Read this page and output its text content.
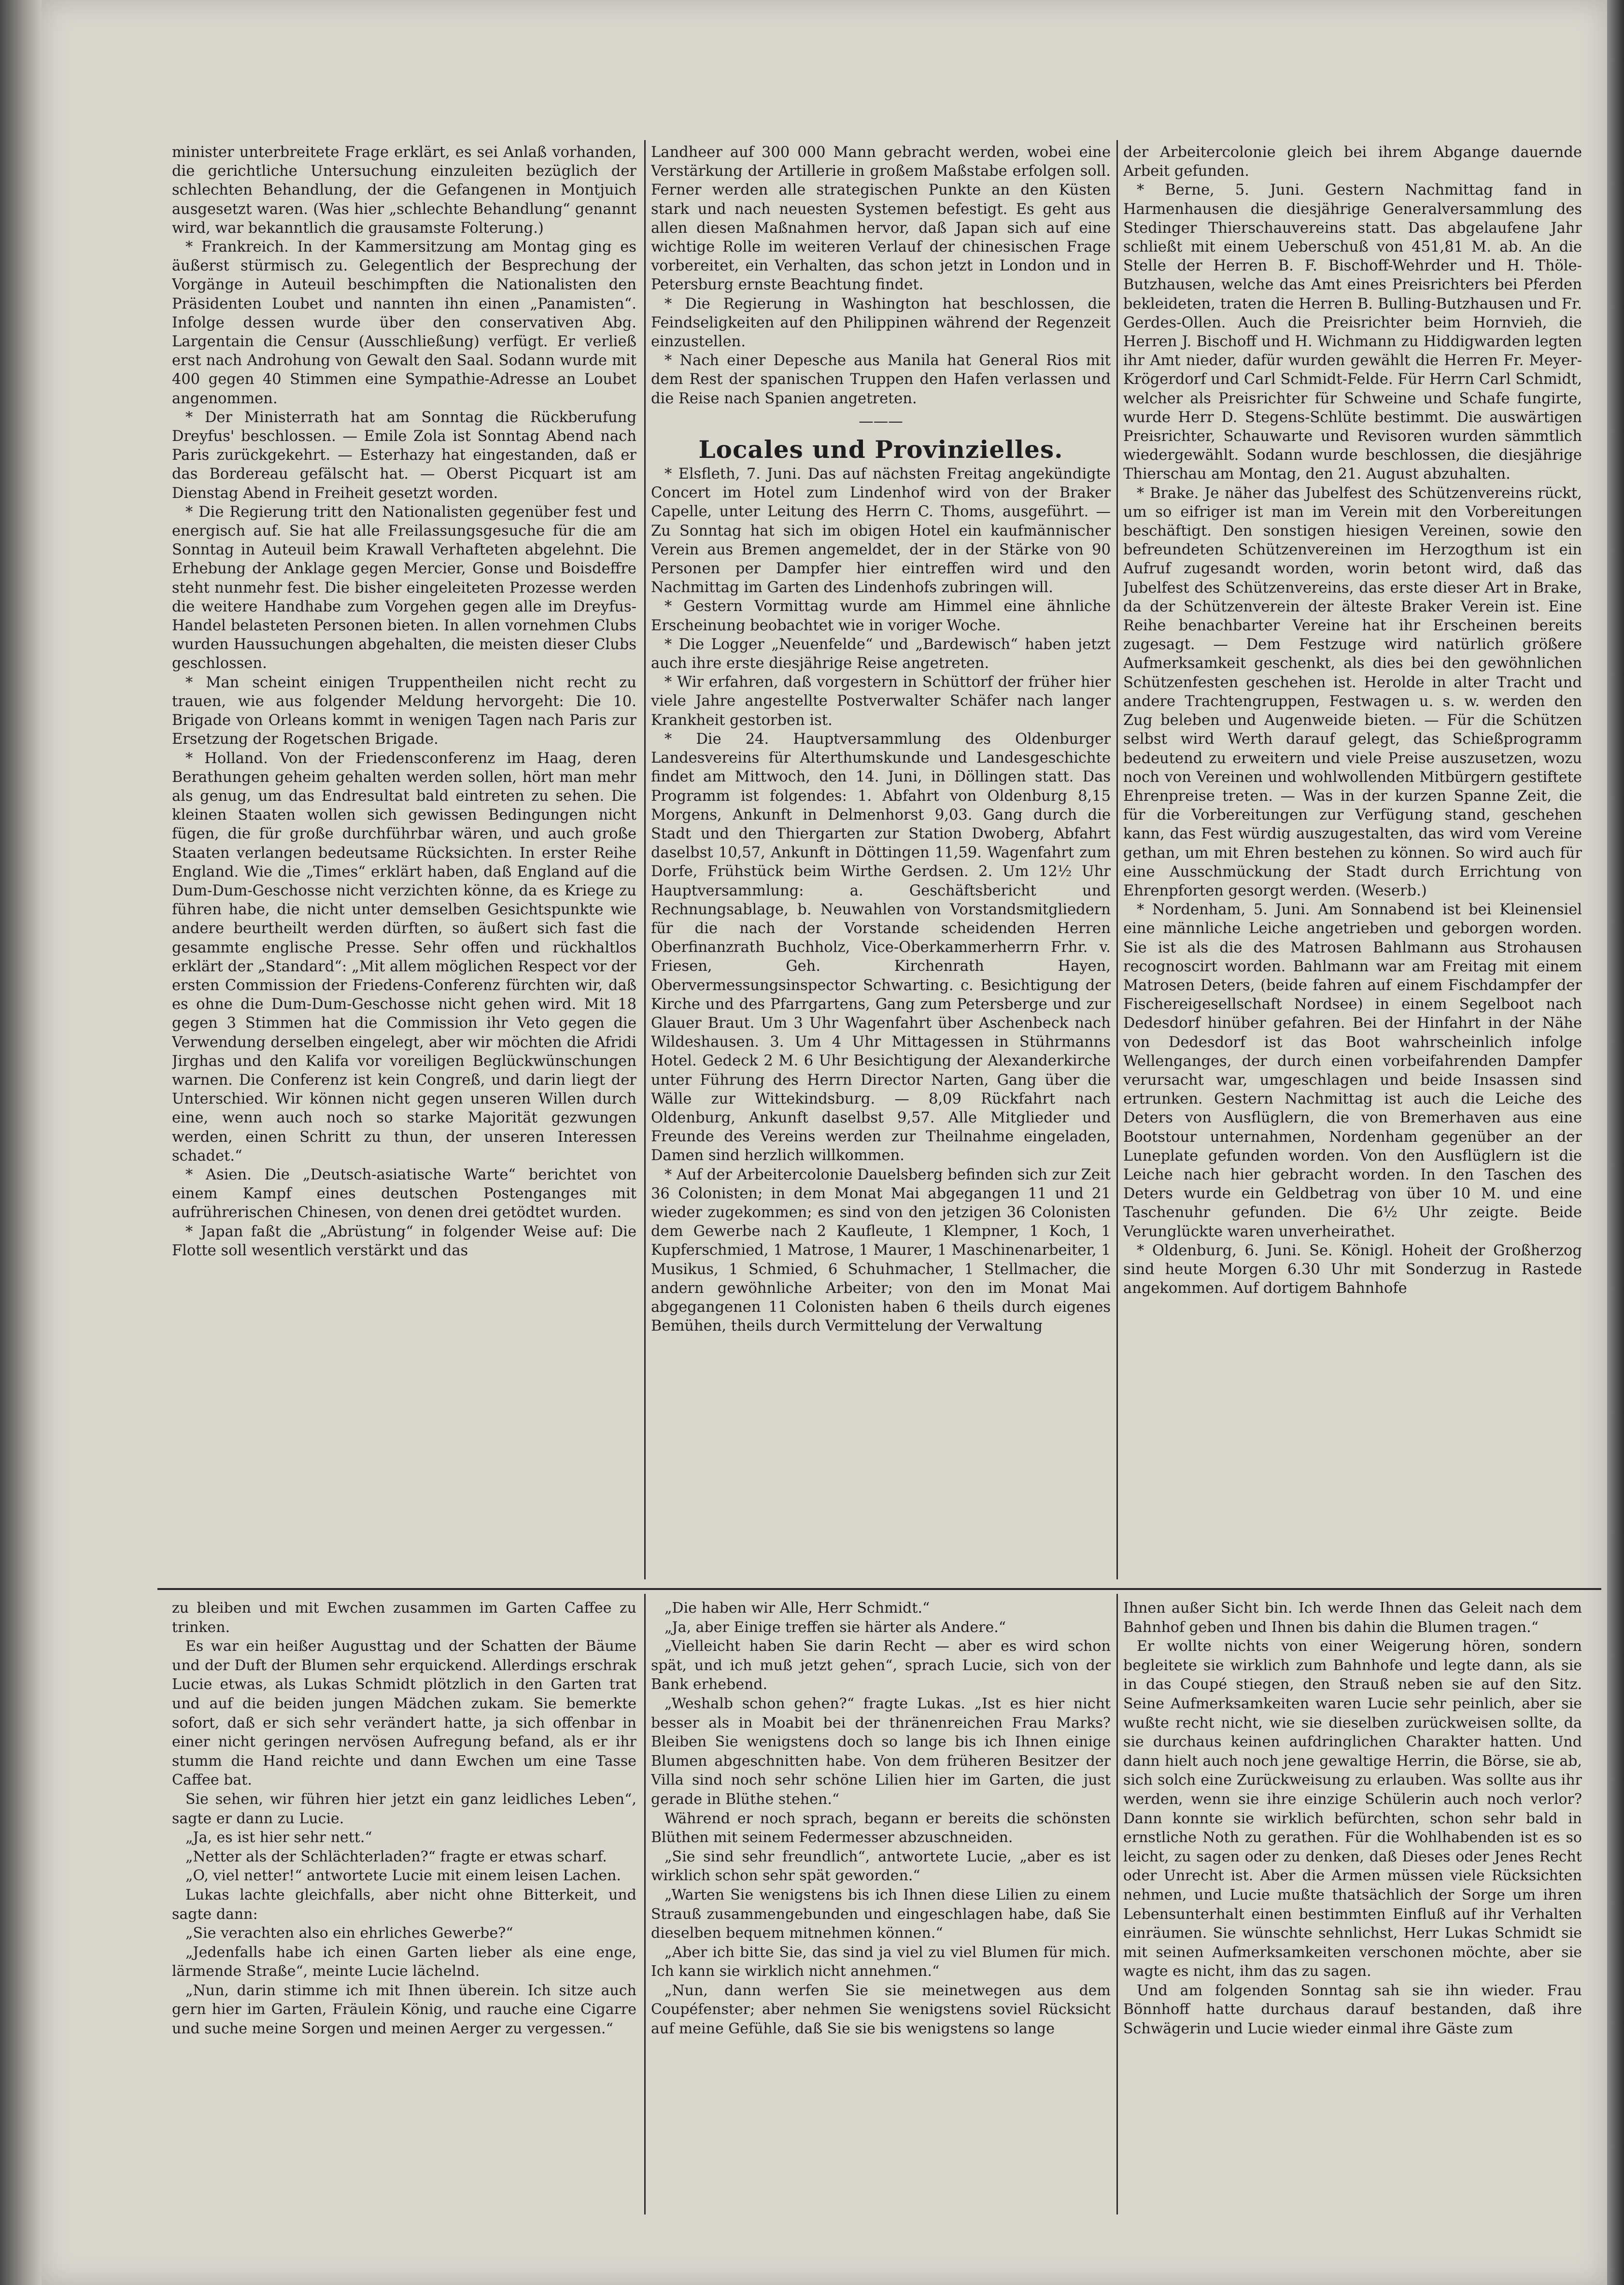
minister unterbreitete Frage erklärt, es sei Anlaß vorhanden, die gerichtliche Untersuchung einzuleiten bezüglich der schlechten Behandlung, der die Gefangenen in Montjuich ausgesetzt waren. (Was hier „schlechte Behandlung“ genannt wird, war bekanntlich die grausamste Folterung.)

* Frankreich. In der Kammersitzung am Montag ging es äußerst stürmisch zu. Gelegentlich der Besprechung der Vorgänge in Auteuil beschimpften die Nationalisten den Präsidenten Loubet und nannten ihn einen „Panamisten“. Infolge dessen wurde über den conservativen Abg. Largentain die Censur (Ausschließung) verfügt. Er verließ erst nach Androhung von Gewalt den Saal. Sodann wurde mit 400 gegen 40 Stimmen eine Sympathie-Adresse an Loubet angenommen.

* Der Ministerrath hat am Sonntag die Rückberufung Dreyfus' beschlossen. — Emile Zola ist Sonntag Abend nach Paris zurückgekehrt. — Esterhazy hat eingestanden, daß er das Bordereau gefälscht hat. — Oberst Picquart ist am Dienstag Abend in Freiheit gesetzt worden.

* Die Regierung tritt den Nationalisten gegenüber fest und energisch auf. Sie hat alle Freilassungsgesuche für die am Sonntag in Auteuil beim Krawall Verhafteten abgelehnt. Die Erhebung der Anklage gegen Mercier, Gonse und Boisdeffre steht nunmehr fest. Die bisher eingeleiteten Prozesse werden die weitere Handhabe zum Vorgehen gegen alle im Dreyfus-Handel belasteten Personen bieten. In allen vornehmen Clubs wurden Haussuchungen abgehalten, die meisten dieser Clubs geschlossen.

* Man scheint einigen Truppentheilen nicht recht zu trauen, wie aus folgender Meldung hervorgeht: Die 10. Brigade von Orleans kommt in wenigen Tagen nach Paris zur Ersetzung der Rogetschen Brigade.

* Holland. Von der Friedensconferenz im Haag, deren Berathungen geheim gehalten werden sollen, hört man mehr als genug, um das Endresultat bald eintreten zu sehen. Die kleinen Staaten wollen sich gewissen Bedingungen nicht fügen, die für große durchführbar wären, und auch große Staaten verlangen bedeutsame Rücksichten. In erster Reihe England. Wie die „Times“ erklärt haben, daß England auf die Dum-Dum-Geschosse nicht verzichten könne, da es Kriege zu führen habe, die nicht unter demselben Gesichtspunkte wie andere beurtheilt werden dürften, so äußert sich fast die gesammte englische Presse. Sehr offen und rückhaltlos erklärt der „Standard“: „Mit allem möglichen Respect vor der ersten Commission der Friedens-Conferenz fürchten wir, daß es ohne die Dum-Dum-Geschosse nicht gehen wird. Mit 18 gegen 3 Stimmen hat die Commission ihr Veto gegen die Verwendung derselben eingelegt, aber wir möchten die Afridi Jirghas und den Kalifa vor voreiligen Beglückwünschungen warnen. Die Conferenz ist kein Congreß, und darin liegt der Unterschied. Wir können nicht gegen unseren Willen durch eine, wenn auch noch so starke Majorität gezwungen werden, einen Schritt zu thun, der unseren Interessen schadet.“

* Asien. Die „Deutsch-asiatische Warte“ berichtet von einem Kampf eines deutschen Postenganges mit aufrührerischen Chinesen, von denen drei getödtet wurden.

* Japan faßt die „Abrüstung“ in folgender Weise auf: Die Flotte soll wesentlich verstärkt und das

Landheer auf 300 000 Mann gebracht werden, wobei eine Verstärkung der Artillerie in großem Maßstabe erfolgen soll. Ferner werden alle strategischen Punkte an den Küsten stark und nach neuesten Systemen befestigt. Es geht aus allen diesen Maßnahmen hervor, daß Japan sich auf eine wichtige Rolle im weiteren Verlauf der chinesischen Frage vorbereitet, ein Verhalten, das schon jetzt in London und in Petersburg ernste Beachtung findet.

* Die Regierung in Washington hat beschlossen, die Feindseligkeiten auf den Philippinen während der Regenzeit einzustellen.

* Nach einer Depesche aus Manila hat General Rios mit dem Rest der spanischen Truppen den Hafen verlassen und die Reise nach Spanien angetreten.

———

Locales und Provinzielles.

* Elsfleth, 7. Juni. Das auf nächsten Freitag angekündigte Concert im Hotel zum Lindenhof wird von der Braker Capelle, unter Leitung des Herrn C. Thoms, ausgeführt. — Zu Sonntag hat sich im obigen Hotel ein kaufmännischer Verein aus Bremen angemeldet, der in der Stärke von 90 Personen per Dampfer hier eintreffen wird und den Nachmittag im Garten des Lindenhofs zubringen will.

* Gestern Vormittag wurde am Himmel eine ähnliche Erscheinung beobachtet wie in voriger Woche.

* Die Logger „Neuenfelde“ und „Bardewisch“ haben jetzt auch ihre erste diesjährige Reise angetreten.

* Wir erfahren, daß vorgestern in Schüttorf der früher hier viele Jahre angestellte Postverwalter Schäfer nach langer Krankheit gestorben ist.

* Die 24. Hauptversammlung des Oldenburger Landesvereins für Alterthumskunde und Landesgeschichte findet am Mittwoch, den 14. Juni, in Döllingen statt. Das Programm ist folgendes: 1. Abfahrt von Oldenburg 8,15 Morgens, Ankunft in Delmenhorst 9,03. Gang durch die Stadt und den Thiergarten zur Station Dwoberg, Abfahrt daselbst 10,57, Ankunft in Döttingen 11,59. Wagenfahrt zum Dorfe, Frühstück beim Wirthe Gerdsen. 2. Um 12½ Uhr Hauptversammlung: a. Geschäftsbericht und Rechnungsablage, b. Neuwahlen von Vorstandsmitgliedern für die nach der Vorstande scheidenden Herren Oberfinanzrath Buchholz, Vice-Oberkammerherrn Frhr. v. Friesen, Geh. Kirchenrath Hayen, Obervermessungsinspector Schwarting. c. Besichtigung der Kirche und des Pfarrgartens, Gang zum Petersberge und zur Glauer Braut. Um 3 Uhr Wagenfahrt über Aschenbeck nach Wildeshausen. 3. Um 4 Uhr Mittagessen in Stührmanns Hotel. Gedeck 2 M. 6 Uhr Besichtigung der Alexanderkirche unter Führung des Herrn Director Narten, Gang über die Wälle zur Wittekindsburg. — 8,09 Rückfahrt nach Oldenburg, Ankunft daselbst 9,57. Alle Mitglieder und Freunde des Vereins werden zur Theilnahme eingeladen, Damen sind herzlich willkommen.

* Auf der Arbeitercolonie Dauelsberg befinden sich zur Zeit 36 Colonisten; in dem Monat Mai abgegangen 11 und 21 wieder zugekommen; es sind von den jetzigen 36 Colonisten dem Gewerbe nach 2 Kaufleute, 1 Klempner, 1 Koch, 1 Kupferschmied, 1 Matrose, 1 Maurer, 1 Maschinenarbeiter, 1 Musikus, 1 Schmied, 6 Schuhmacher, 1 Stellmacher, die andern gewöhnliche Arbeiter; von den im Monat Mai abgegangenen 11 Colonisten haben 6 theils durch eigenes Bemühen, theils durch Vermittelung der Verwaltung

der Arbeitercolonie gleich bei ihrem Abgange dauernde Arbeit gefunden.

* Berne, 5. Juni. Gestern Nachmittag fand in Harmenhausen die diesjährige Generalversammlung des Stedinger Thierschauvereins statt. Das abgelaufene Jahr schließt mit einem Ueberschuß von 451,81 M. ab. An die Stelle der Herren B. F. Bischoff-Wehrder und H. Thöle-Butzhausen, welche das Amt eines Preisrichters bei Pferden bekleideten, traten die Herren B. Bulling-Butzhausen und Fr. Gerdes-Ollen. Auch die Preisrichter beim Hornvieh, die Herren J. Bischoff und H. Wichmann zu Hiddigwarden legten ihr Amt nieder, dafür wurden gewählt die Herren Fr. Meyer-Krögerdorf und Carl Schmidt-Felde. Für Herrn Carl Schmidt, welcher als Preisrichter für Schweine und Schafe fungirte, wurde Herr D. Stegens-Schlüte bestimmt. Die auswärtigen Preisrichter, Schauwarte und Revisoren wurden sämmtlich wiedergewählt. Sodann wurde beschlossen, die diesjährige Thierschau am Montag, den 21. August abzuhalten.

* Brake. Je näher das Jubelfest des Schützenvereins rückt, um so eifriger ist man im Verein mit den Vorbereitungen beschäftigt. Den sonstigen hiesigen Vereinen, sowie den befreundeten Schützenvereinen im Herzogthum ist ein Aufruf zugesandt worden, worin betont wird, daß das Jubelfest des Schützenvereins, das erste dieser Art in Brake, da der Schützenverein der älteste Braker Verein ist. Eine Reihe benachbarter Vereine hat ihr Erscheinen bereits zugesagt. — Dem Festzuge wird natürlich größere Aufmerksamkeit geschenkt, als dies bei den gewöhnlichen Schützenfesten geschehen ist. Herolde in alter Tracht und andere Trachtengruppen, Festwagen u. s. w. werden den Zug beleben und Augenweide bieten. — Für die Schützen selbst wird Werth darauf gelegt, das Schießprogramm bedeutend zu erweitern und viele Preise auszusetzen, wozu noch von Vereinen und wohlwollenden Mitbürgern gestiftete Ehrenpreise treten. — Was in der kurzen Spanne Zeit, die für die Vorbereitungen zur Verfügung stand, geschehen kann, das Fest würdig auszugestalten, das wird vom Vereine gethan, um mit Ehren bestehen zu können. So wird auch für eine Ausschmückung der Stadt durch Errichtung von Ehrenpforten gesorgt werden. (Weserb.)

* Nordenham, 5. Juni. Am Sonnabend ist bei Kleinensiel eine männliche Leiche angetrieben und geborgen worden. Sie ist als die des Matrosen Bahlmann aus Strohausen recognoscirt worden. Bahlmann war am Freitag mit einem Matrosen Deters, (beide fahren auf einem Fischdampfer der Fischereigesellschaft Nordsee) in einem Segelboot nach Dedesdorf hinüber gefahren. Bei der Hinfahrt in der Nähe von Dedesdorf ist das Boot wahrscheinlich infolge Wellenganges, der durch einen vorbeifahrenden Dampfer verursacht war, umgeschlagen und beide Insassen sind ertrunken. Gestern Nachmittag ist auch die Leiche des Deters von Ausflüglern, die von Bremerhaven aus eine Bootstour unternahmen, Nordenham gegenüber an der Luneplate gefunden worden. Von den Ausflüglern ist die Leiche nach hier gebracht worden. In den Taschen des Deters wurde ein Geldbetrag von über 10 M. und eine Taschenuhr gefunden. Die 6½ Uhr zeigte. Beide Verunglückte waren unverheirathet.

* Oldenburg, 6. Juni. Se. Königl. Hoheit der Großherzog sind heute Morgen 6.30 Uhr mit Sonderzug in Rastede angekommen. Auf dortigem Bahnhofe

zu bleiben und mit Ewchen zusammen im Garten Caffee zu trinken.

Es war ein heißer Augusttag und der Schatten der Bäume und der Duft der Blumen sehr erquickend. Allerdings erschrak Lucie etwas, als Lukas Schmidt plötzlich in den Garten trat und auf die beiden jungen Mädchen zukam. Sie bemerkte sofort, daß er sich sehr verändert hatte, ja sich offenbar in einer nicht geringen nervösen Aufregung befand, als er ihr stumm die Hand reichte und dann Ewchen um eine Tasse Caffee bat.

Sie sehen, wir führen hier jetzt ein ganz leidliches Leben“, sagte er dann zu Lucie.

„Ja, es ist hier sehr nett.“

„Netter als der Schlächterladen?“ fragte er etwas scharf.

„O, viel netter!“ antwortete Lucie mit einem leisen Lachen.

Lukas lachte gleichfalls, aber nicht ohne Bitterkeit, und sagte dann:

„Sie verachten also ein ehrliches Gewerbe?“

„Jedenfalls habe ich einen Garten lieber als eine enge, lärmende Straße“, meinte Lucie lächelnd.

„Nun, darin stimme ich mit Ihnen überein. Ich sitze auch gern hier im Garten, Fräulein König, und rauche eine Cigarre und suche meine Sorgen und meinen Aerger zu vergessen.“

„Die haben wir Alle, Herr Schmidt.“

„Ja, aber Einige treffen sie härter als Andere.“

„Vielleicht haben Sie darin Recht — aber es wird schon spät, und ich muß jetzt gehen“, sprach Lucie, sich von der Bank erhebend.

„Weshalb schon gehen?“ fragte Lukas. „Ist es hier nicht besser als in Moabit bei der thränenreichen Frau Marks? Bleiben Sie wenigstens doch so lange bis ich Ihnen einige Blumen abgeschnitten habe. Von dem früheren Besitzer der Villa sind noch sehr schöne Lilien hier im Garten, die just gerade in Blüthe stehen.“

Während er noch sprach, begann er bereits die schönsten Blüthen mit seinem Federmesser abzuschneiden.

„Sie sind sehr freundlich“, antwortete Lucie, „aber es ist wirklich schon sehr spät geworden.“

„Warten Sie wenigstens bis ich Ihnen diese Lilien zu einem Strauß zusammengebunden und eingeschlagen habe, daß Sie dieselben bequem mitnehmen können.“

„Aber ich bitte Sie, das sind ja viel zu viel Blumen für mich. Ich kann sie wirklich nicht annehmen.“

„Nun, dann werfen Sie sie meinetwegen aus dem Coupéfenster; aber nehmen Sie wenigstens soviel Rücksicht auf meine Gefühle, daß Sie sie bis wenigstens so lange

Ihnen außer Sicht bin. Ich werde Ihnen das Geleit nach dem Bahnhof geben und Ihnen bis dahin die Blumen tragen.“

Er wollte nichts von einer Weigerung hören, sondern begleitete sie wirklich zum Bahnhofe und legte dann, als sie in das Coupé stiegen, den Strauß neben sie auf den Sitz. Seine Aufmerksamkeiten waren Lucie sehr peinlich, aber sie wußte recht nicht, wie sie dieselben zurückweisen sollte, da sie durchaus keinen aufdringlichen Charakter hatten. Und dann hielt auch noch jene gewaltige Herrin, die Börse, sie ab, sich solch eine Zurückweisung zu erlauben. Was sollte aus ihr werden, wenn sie ihre einzige Schülerin auch noch verlor? Dann konnte sie wirklich befürchten, schon sehr bald in ernstliche Noth zu gerathen. Für die Wohlhabenden ist es so leicht, zu sagen oder zu denken, daß Dieses oder Jenes Recht oder Unrecht ist. Aber die Armen müssen viele Rücksichten nehmen, und Lucie mußte thatsächlich der Sorge um ihren Lebensunterhalt einen bestimmten Einfluß auf ihr Verhalten einräumen. Sie wünschte sehnlichst, Herr Lukas Schmidt sie mit seinen Aufmerksamkeiten verschonen möchte, aber sie wagte es nicht, ihm das zu sagen.

Und am folgenden Sonntag sah sie ihn wieder. Frau Bönnhoff hatte durchaus darauf bestanden, daß ihre Schwägerin und Lucie wieder einmal ihre Gäste zum
